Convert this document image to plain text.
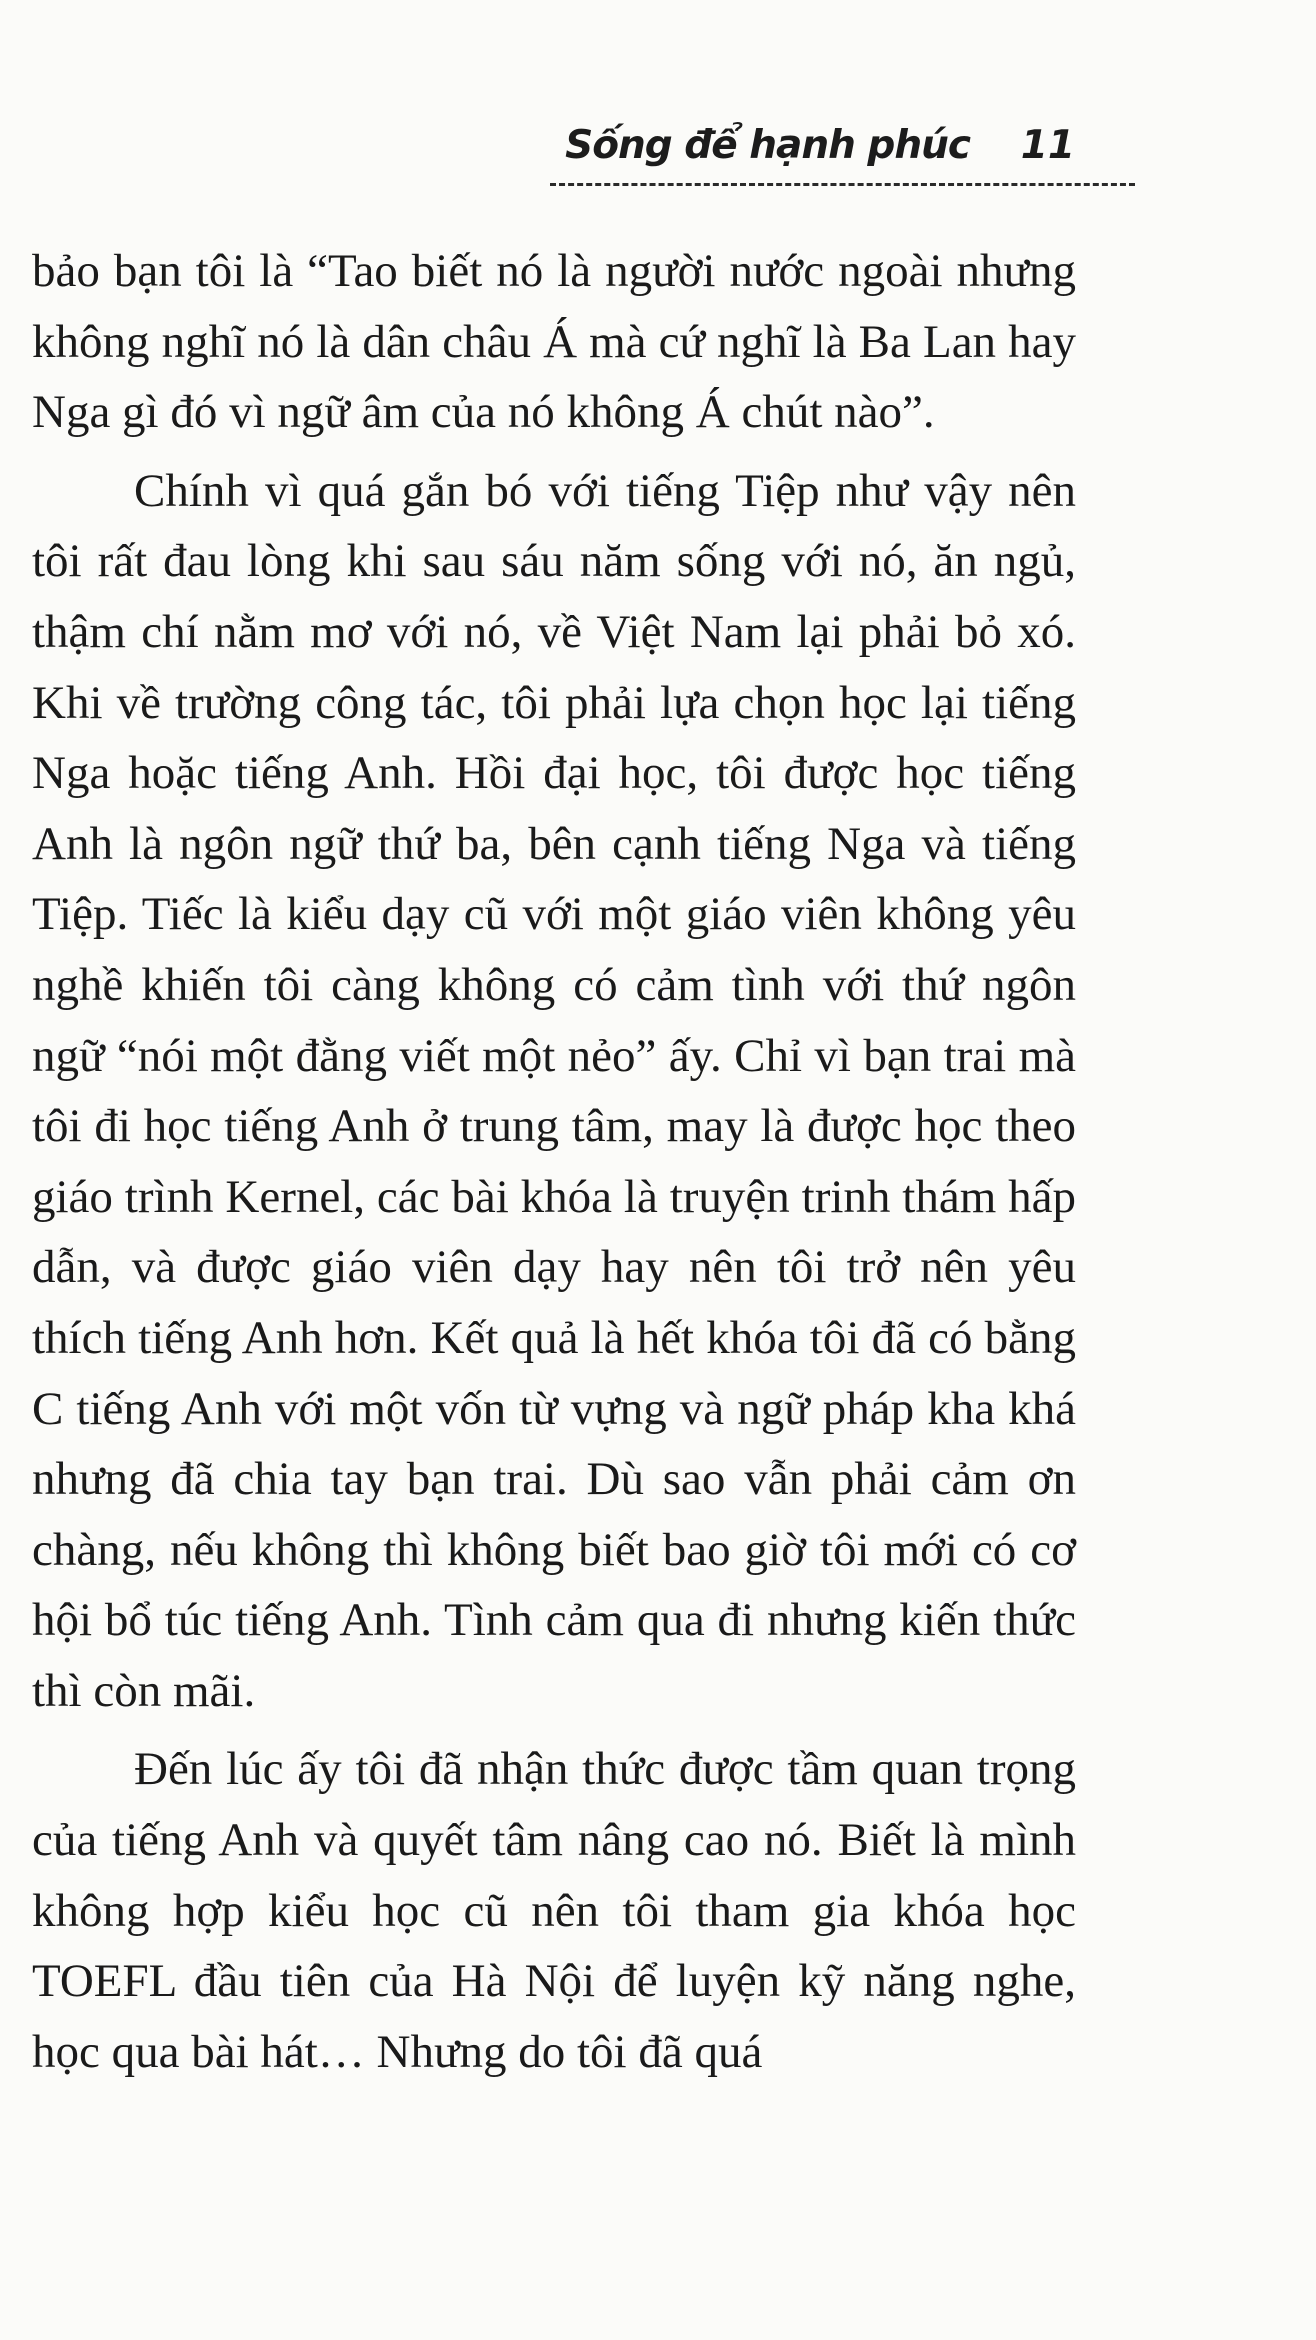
Sống để hạnh phúc 11

bảo bạn tôi là “Tao biết nó là người nước ngoài nhưng không nghĩ nó là dân châu Á mà cứ nghĩ là Ba Lan hay Nga gì đó vì ngữ âm của nó không Á chút nào”.

Chính vì quá gắn bó với tiếng Tiệp như vậy nên tôi rất đau lòng khi sau sáu năm sống với nó, ăn ngủ, thậm chí nằm mơ với nó, về Việt Nam lại phải bỏ xó. Khi về trường công tác, tôi phải lựa chọn học lại tiếng Nga hoặc tiếng Anh. Hồi đại học, tôi được học tiếng Anh là ngôn ngữ thứ ba, bên cạnh tiếng Nga và tiếng Tiệp. Tiếc là kiểu dạy cũ với một giáo viên không yêu nghề khiến tôi càng không có cảm tình với thứ ngôn ngữ “nói một đằng viết một nẻo” ấy. Chỉ vì bạn trai mà tôi đi học tiếng Anh ở trung tâm, may là được học theo giáo trình Kernel, các bài khóa là truyện trinh thám hấp dẫn, và được giáo viên dạy hay nên tôi trở nên yêu thích tiếng Anh hơn. Kết quả là hết khóa tôi đã có bằng C tiếng Anh với một vốn từ vựng và ngữ pháp kha khá nhưng đã chia tay bạn trai. Dù sao vẫn phải cảm ơn chàng, nếu không thì không biết bao giờ tôi mới có cơ hội bổ túc tiếng Anh. Tình cảm qua đi nhưng kiến thức thì còn mãi.

Đến lúc ấy tôi đã nhận thức được tầm quan trọng của tiếng Anh và quyết tâm nâng cao nó. Biết là mình không hợp kiểu học cũ nên tôi tham gia khóa học TOEFL đầu tiên của Hà Nội để luyện kỹ năng nghe, học qua bài hát… Nhưng do tôi đã quá
